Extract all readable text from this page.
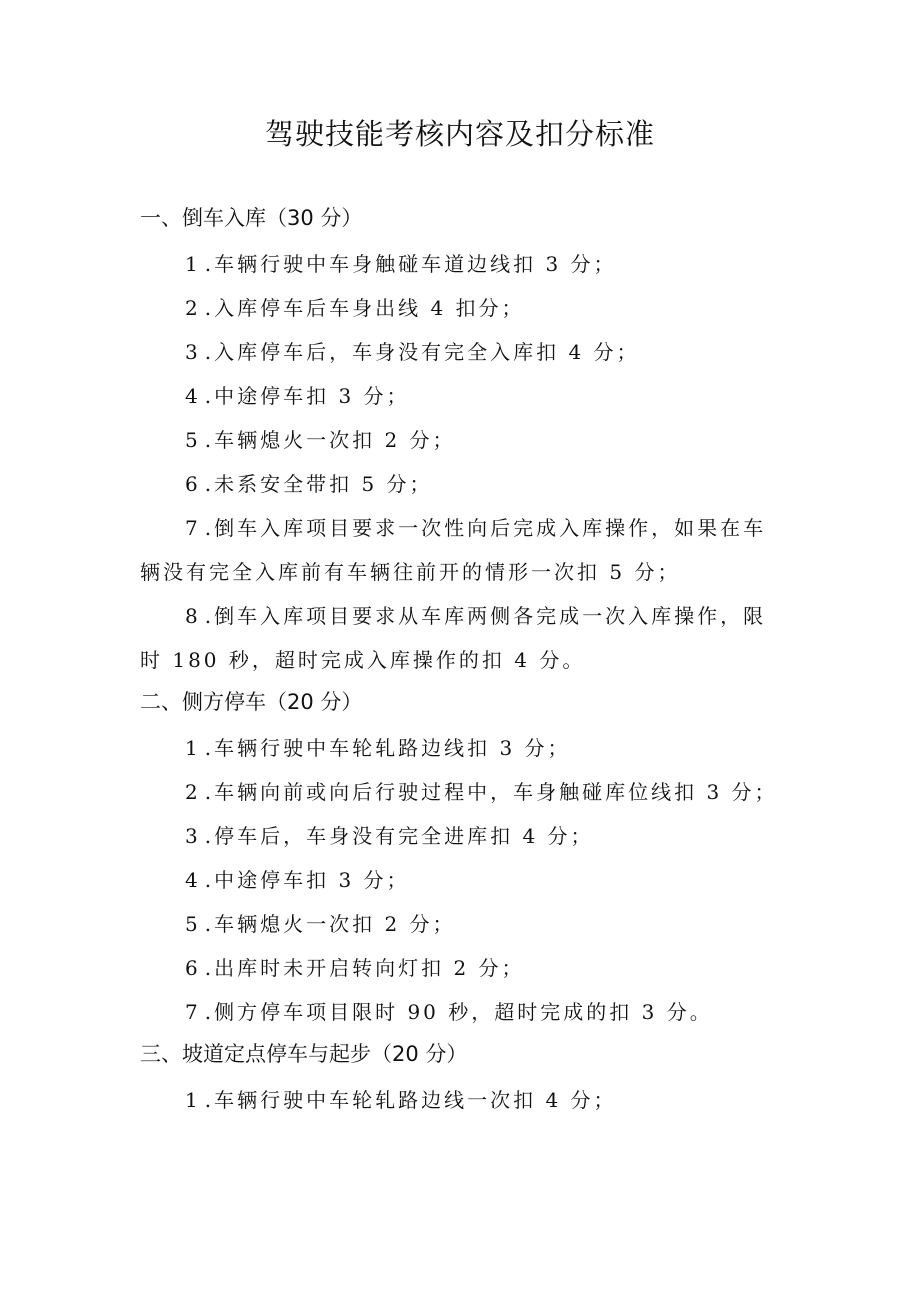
驾驶技能考核内容及扣分标准
一、倒车入库（30 分）
1 .车辆行驶中车身触碰车道边线扣 3 分；
2 .入库停车后车身出线 4 扣分；
3 .入库停车后，车身没有完全入库扣 4 分；
4 .中途停车扣 3 分；
5 .车辆熄火一次扣 2 分；
6 .未系安全带扣 5 分；
7 .倒车入库项目要求一次性向后完成入库操作，如果在车
辆没有完全入库前有车辆往前开的情形一次扣 5 分；
8 .倒车入库项目要求从车库两侧各完成一次入库操作，限
时 180 秒，超时完成入库操作的扣 4 分。
二、侧方停车（20 分）
1 .车辆行驶中车轮轧路边线扣 3 分；
2 .车辆向前或向后行驶过程中，车身触碰库位线扣 3 分；
3 .停车后，车身没有完全进库扣 4 分；
4 .中途停车扣 3 分；
5 .车辆熄火一次扣 2 分；
6 .出库时未开启转向灯扣 2 分；
7 .侧方停车项目限时 90 秒，超时完成的扣 3 分。
三、坡道定点停车与起步（20 分）
1 .车辆行驶中车轮轧路边线一次扣 4 分；
